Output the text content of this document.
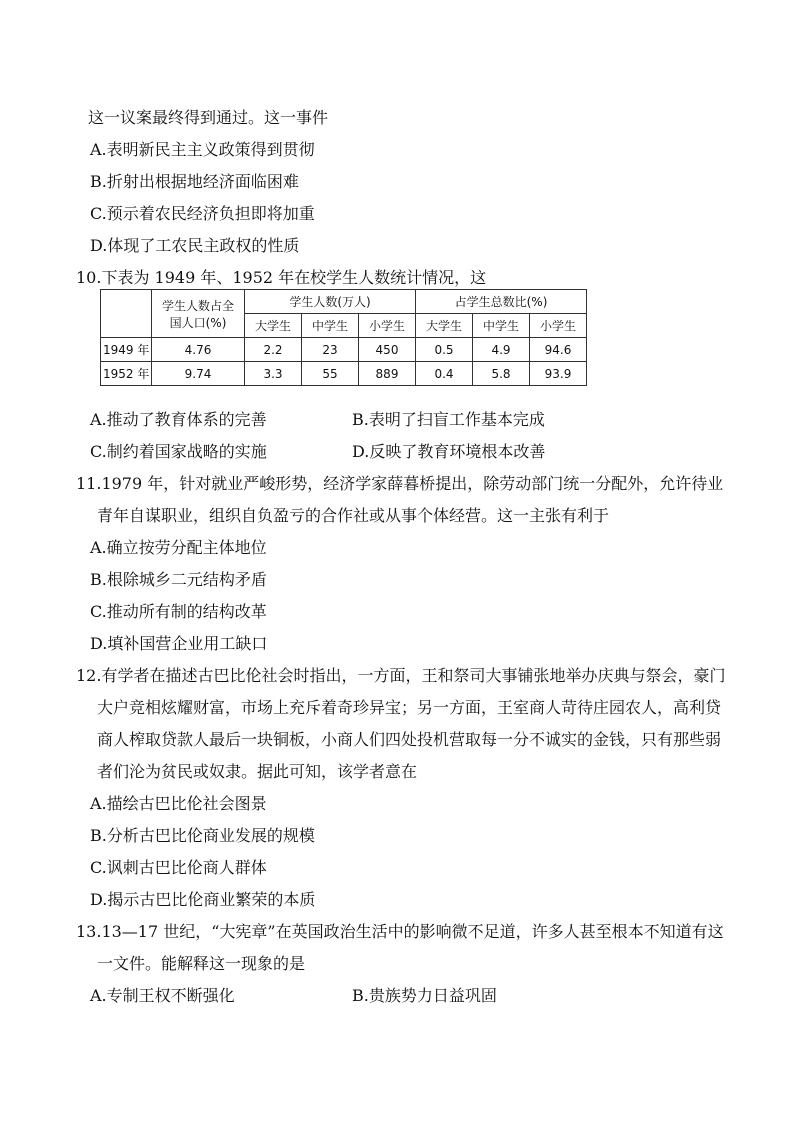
这一议案最终得到通过。这一事件
A.表明新民主主义政策得到贯彻
B.折射出根据地经济面临困难
C.预示着农民经济负担即将加重
D.体现了工农民主政权的性质
10.下表为 1949 年、1952 年在校学生人数统计情况，这

	学生人数占全
国人口(%)	学生人数(万人)			占学生总数比(%)		
		大学生	中学生	小学生	大学生	中学生	小学生
1949 年	4.76	2.2	23	450	0.5	4.9	94.6
1952 年	9.74	3.3	55	889	0.4	5.8	93.9
A.推动了教育体系的完善	B.表明了扫盲工作基本完成
C.制约着国家战略的实施	D.反映了教育环境根本改善
11.1979 年，针对就业严峻形势，经济学家薛暮桥提出，除劳动部门统一分配外，允许待业
青年自谋职业，组织自负盈亏的合作社或从事个体经营。这一主张有利于
A.确立按劳分配主体地位
B.根除城乡二元结构矛盾
C.推动所有制的结构改革
D.填补国营企业用工缺口
12.有学者在描述古巴比伦社会时指出，一方面，王和祭司大事铺张地举办庆典与祭会，豪门
大户竞相炫耀财富，市场上充斥着奇珍异宝；另一方面，王室商人苛待庄园农人，高利贷
商人榨取贷款人最后一块铜板，小商人们四处投机营取每一分不诚实的金钱，只有那些弱
者们沦为贫民或奴隶。据此可知，该学者意在
A.描绘古巴比伦社会图景
B.分析古巴比伦商业发展的规模
C.讽刺古巴比伦商人群体
D.揭示古巴比伦商业繁荣的本质
13.13—17 世纪，“大宪章”在英国政治生活中的影响微不足道，许多人甚至根本不知道有这
一文件。能解释这一现象的是
A.专制王权不断强化	B.贵族势力日益巩固
